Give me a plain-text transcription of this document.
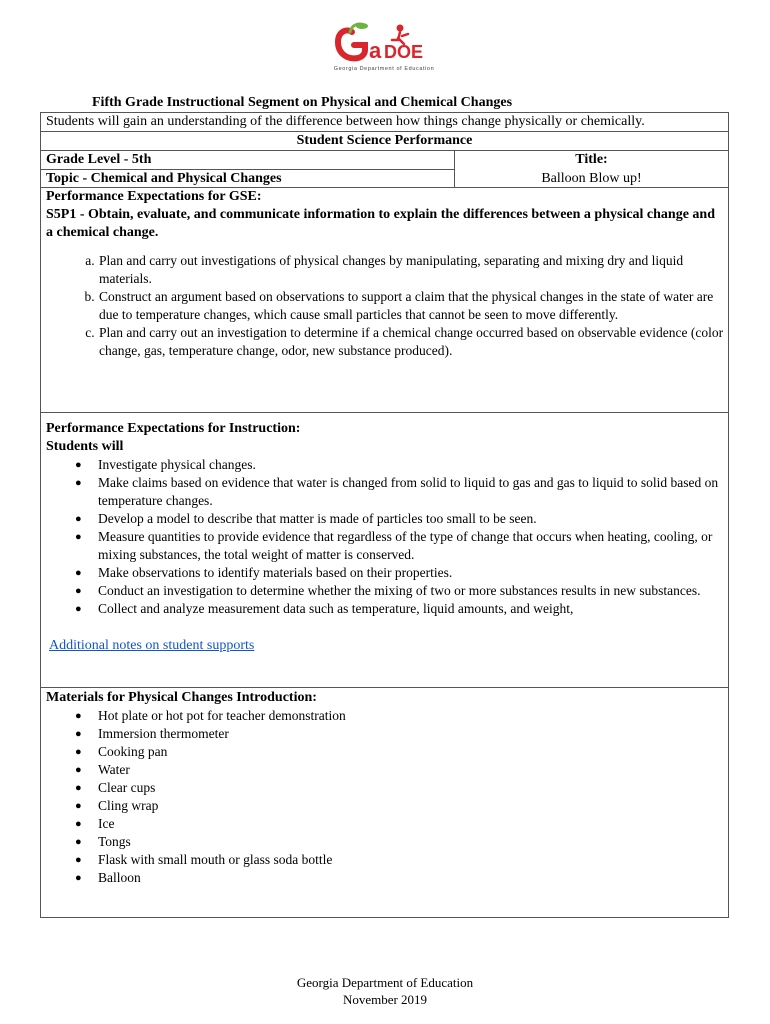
a DOE
Georgia Department of Education
Fifth Grade Instructional Segment on Physical and Chemical Changes
Students will gain an understanding of the difference between how things change physically or chemically.
Student Science Performance
Grade Level - 5th
Topic - Chemical and Physical Changes
Title:
Balloon Blow up!
Performance Expectations for GSE:
S5P1 - Obtain, evaluate, and communicate information to explain the differences between a physical change and a chemical change.
a. Plan and carry out investigations of physical changes by manipulating, separating and mixing dry and liquid materials.
b. Construct an argument based on observations to support a claim that the physical changes in the state of water are due to temperature changes, which cause small particles that cannot be seen to move differently.
c. Plan and carry out an investigation to determine if a chemical change occurred based on observable evidence (color change, gas, temperature change, odor, new substance produced).
Performance Expectations for Instruction:
Students will
● Investigate physical changes.
● Make claims based on evidence that water is changed from solid to liquid to gas and gas to liquid to solid based on temperature changes.
● Develop a model to describe that matter is made of particles too small to be seen.
● Measure quantities to provide evidence that regardless of the type of change that occurs when heating, cooling, or mixing substances, the total weight of matter is conserved.
● Make observations to identify materials based on their properties.
● Conduct an investigation to determine whether the mixing of two or more substances results in new substances.
● Collect and analyze measurement data such as temperature, liquid amounts, and weight,
Additional notes on student supports
Materials for Physical Changes Introduction:
● Hot plate or hot pot for teacher demonstration
● Immersion thermometer
● Cooking pan
● Water
● Clear cups
● Cling wrap
● Ice
● Tongs
● Flask with small mouth or glass soda bottle
● Balloon
Georgia Department of Education
November 2019
